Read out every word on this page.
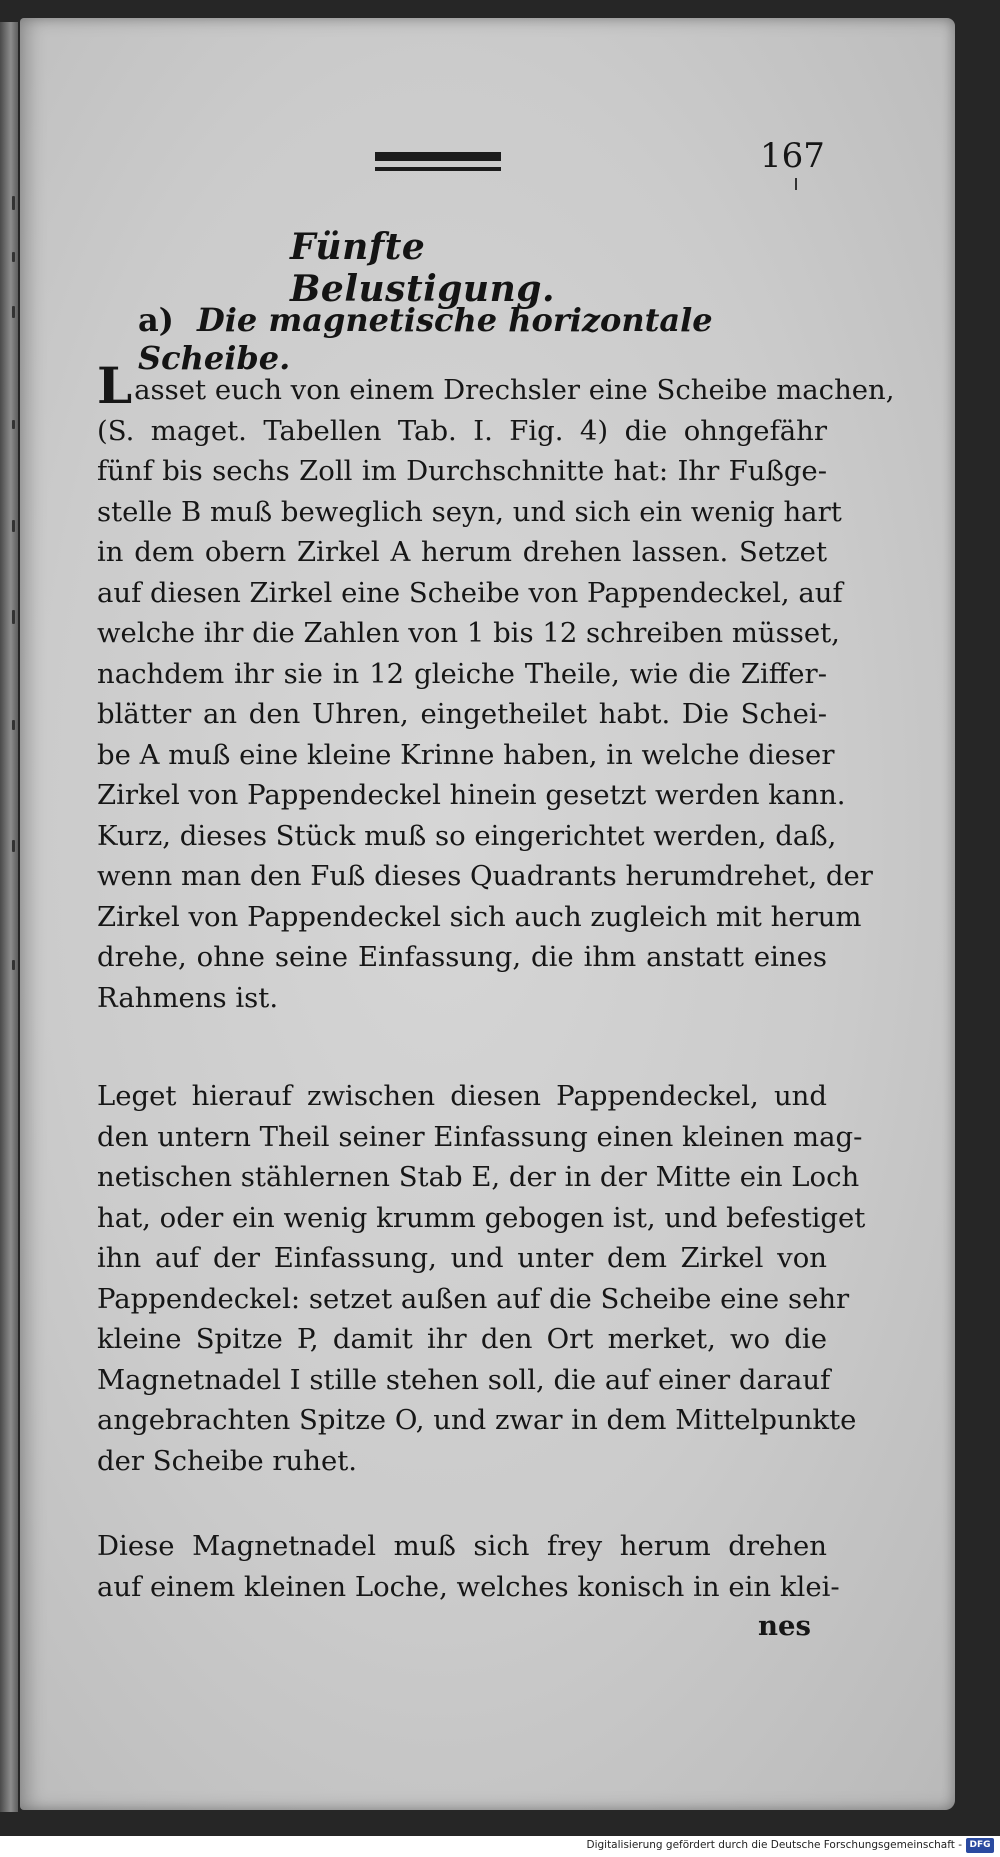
167
Fünfte Belustigung.
a) Die magnetische horizontale Scheibe.
Lasset euch von einem Drechsler eine Scheibe machen,
(S. maget. Tabellen Tab. I. Fig. 4) die ohngefähr
fünf bis sechs Zoll im Durchschnitte hat: Ihr Fußge-
stelle B muß beweglich seyn, und sich ein wenig hart
in dem obern Zirkel A herum drehen lassen. Setzet
auf diesen Zirkel eine Scheibe von Pappendeckel, auf
welche ihr die Zahlen von 1 bis 12 schreiben müsset,
nachdem ihr sie in 12 gleiche Theile, wie die Ziffer-
blätter an den Uhren, eingetheilet habt. Die Schei-
be A muß eine kleine Krinne haben, in welche dieser
Zirkel von Pappendeckel hinein gesetzt werden kann.
Kurz, dieses Stück muß so eingerichtet werden, daß,
wenn man den Fuß dieses Quadrants herumdrehet, der
Zirkel von Pappendeckel sich auch zugleich mit herum
drehe, ohne seine Einfassung, die ihm anstatt eines
Rahmens ist.
Leget hierauf zwischen diesen Pappendeckel, und
den untern Theil seiner Einfassung einen kleinen mag-
netischen stählernen Stab E, der in der Mitte ein Loch
hat, oder ein wenig krumm gebogen ist, und befestiget
ihn auf der Einfassung, und unter dem Zirkel von
Pappendeckel: setzet außen auf die Scheibe eine sehr
kleine Spitze P, damit ihr den Ort merket, wo die
Magnetnadel I stille stehen soll, die auf einer darauf
angebrachten Spitze O, und zwar in dem Mittelpunkte
der Scheibe ruhet.
Diese Magnetnadel muß sich frey herum drehen
auf einem kleinen Loche, welches konisch in ein klei-
nes
Digitalisierung gefördert durch die Deutsche Forschungsgemeinschaft - DFG
